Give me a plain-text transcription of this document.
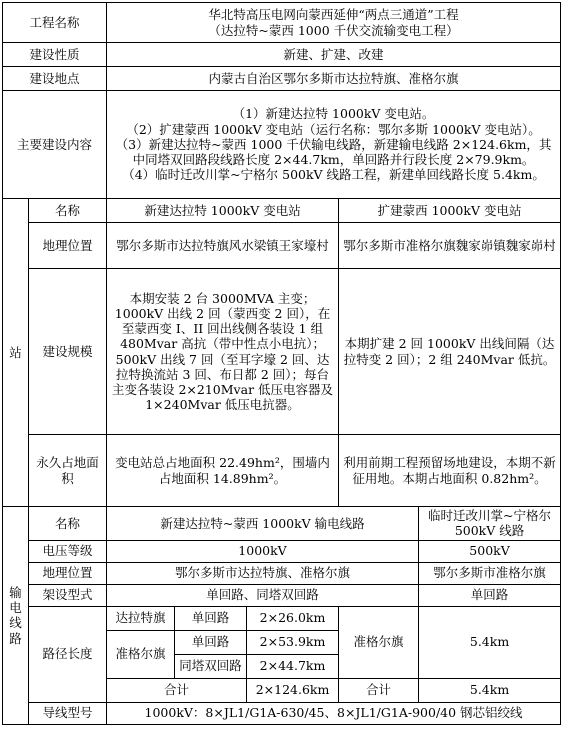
工程名称		华北特高压电网向蒙西延伸“两点三通道”工程
（达拉特~蒙西 1000 千伏交流输变电工程）				

建设性质		新建、扩建、改建				
建设地点		内蒙古自治区鄂尔多斯市达拉特旗、准格尔旗				
主要建设内容		（1）新建达拉特 1000kV 变电站。
（2）扩建蒙西 1000kV 变电站（运行名称：鄂尔多斯 1000kV 变电站）。
（3）新建达拉特~蒙西 1000 千伏输电线路，新建输电线路 2×124.6km，其中同塔双回路段线路长度 2×44.7km，单回路并行段长度 2×79.9km。
（4）临时迁改川掌~宁格尔 500kV 线路工程，新建单回线路长度 5.4km。				

站	名称	新建达拉特 1000kV 变电站			扩建蒙西 1000kV 变电站	
	地理位置	鄂尔多斯市达拉特旗风水梁镇王家壕村			鄂尔多斯市准格尔旗魏家峁镇魏家峁村	
	建设规模	本期安装 2 台 3000MVA 主变；1000kV 出线 2 回（蒙西变 2 回），在至蒙西变 I、II 回出线侧各装设 1 组 480Mvar 高抗（带中性点小电抗）；500kV 出线 7 回（至耳字壕 2 回、达拉特换流站 3 回、布日都 2 回）；每台主变各装设 2×210Mvar 低压电容器及 1×240Mvar 低压电抗器。			本期扩建 2 回 1000kV 出线间隔（达拉特变 2 回）；2 组 240Mvar 低抗。	
	永久占地面积	变电站总占地面积 22.49hm²，围墙内占地面积 14.89hm²。			利用前期工程预留场地建设，本期不新征用地。本期占地面积 0.82hm²。	

输电线路	名称	新建达拉特~蒙西 1000kV 输电线路				临时迁改川掌~宁格尔 500kV 线路
	电压等级	1000kV				500kV
	地理位置	鄂尔多斯市达拉特旗、准格尔旗				鄂尔多斯市准格尔旗
	架设型式	单回路、同塔双回路				单回路
	路径长度	达拉特旗	单回路	2×26.0km	准格尔旗	5.4km
		准格尔旗	单回路	2×53.9km		
			同塔双回路	2×44.7km		
		合计		2×124.6km	合计	5.4km
	导线型号	1000kV：8×JL1/G1A-630/45、8×JL1/G1A-900/40 钢芯铝绞线				
